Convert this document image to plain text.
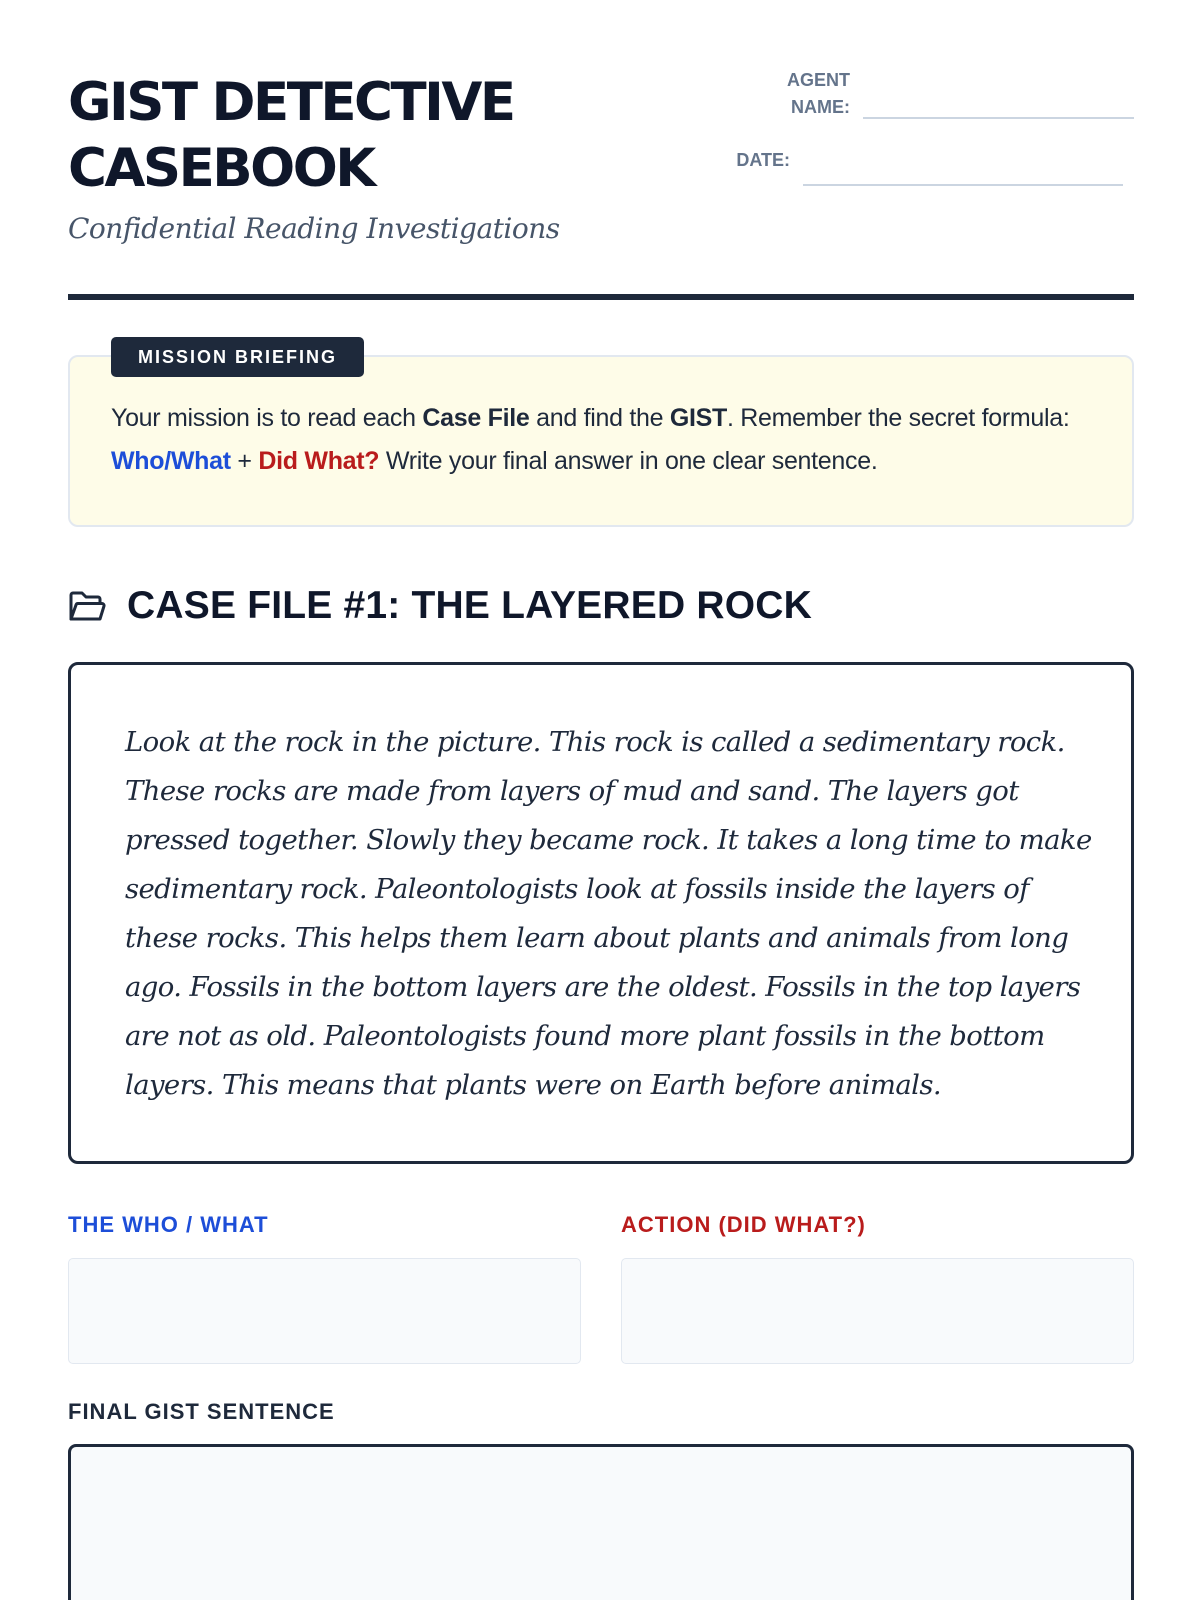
GIST DETECTIVE
CASEBOOK
Confidential Reading Investigations
AGENT
NAME:
DATE:
MISSION BRIEFING
Your mission is to read each Case File and find the GIST. Remember the secret formula: Who/What + Did What? Write your final answer in one clear sentence.
CASE FILE #1: THE LAYERED ROCK
Look at the rock in the picture. This rock is called a sedimentary rock. These rocks are made from layers of mud and sand. The layers got pressed together. Slowly they became rock. It takes a long time to make sedimentary rock. Paleontologists look at fossils inside the layers of these rocks. This helps them learn about plants and animals from long ago. Fossils in the bottom layers are the oldest. Fossils in the top layers are not as old. Paleontologists found more plant fossils in the bottom layers. This means that plants were on Earth before animals.
THE WHO / WHAT	ACTION (DID WHAT?)
FINAL GIST SENTENCE
